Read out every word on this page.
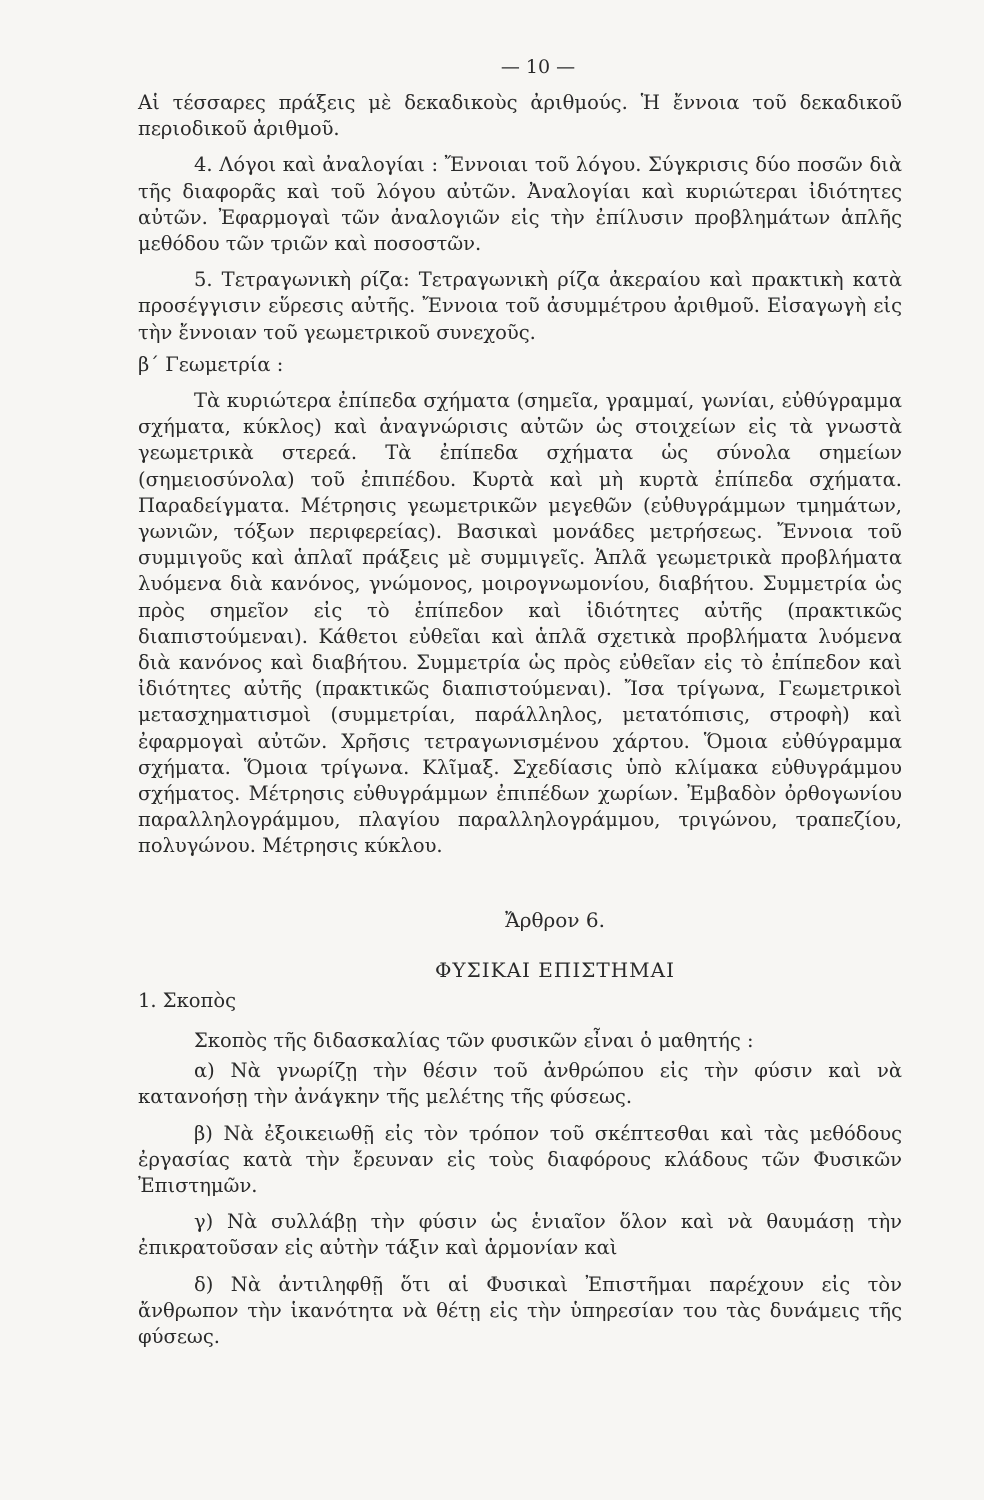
— 10 —

Αἱ τέσσαρες πράξεις μὲ δεκαδικοὺς ἀριθμούς. Ἡ ἔννοια τοῦ δεκαδικοῦ περιοδικοῦ ἀριθμοῦ.

4. Λόγοι καὶ ἀναλογίαι : Ἔννοιαι τοῦ λόγου. Σύγκρισις δύο ποσῶν διὰ τῆς διαφορᾶς καὶ τοῦ λόγου αὐτῶν. Ἀναλογίαι καὶ κυριώτεραι ἰδιότητες αὐτῶν. Ἐφαρμογαὶ τῶν ἀναλογιῶν εἰς τὴν ἐπίλυσιν προβλημάτων ἁπλῆς μεθόδου τῶν τριῶν καὶ ποσοστῶν.

5. Τετραγωνικὴ ρίζα: Τετραγωνικὴ ρίζα ἀκεραίου καὶ πρακτικὴ κατὰ προσέγγισιν εὕρεσις αὐτῆς. Ἔννοια τοῦ ἀσυμμέτρου ἀριθμοῦ. Εἰσαγωγὴ εἰς τὴν ἔννοιαν τοῦ γεωμετρικοῦ συνεχοῦς.

β΄ Γεωμετρία :

Τὰ κυριώτερα ἐπίπεδα σχήματα (σημεῖα, γραμμαί, γωνίαι, εὐθύγραμμα σχήματα, κύκλος) καὶ ἀναγνώρισις αὐτῶν ὡς στοιχείων εἰς τὰ γνωστὰ γεωμετρικὰ στερεά. Τὰ ἐπίπεδα σχήματα ὡς σύνολα σημείων (σημειοσύνολα) τοῦ ἐπιπέδου. Κυρτὰ καὶ μὴ κυρτὰ ἐπίπεδα σχήματα. Παραδείγματα. Μέτρησις γεωμετρικῶν μεγεθῶν (εὐθυγράμμων τμημάτων, γωνιῶν, τόξων περιφερείας). Βασικαὶ μονάδες μετρήσεως. Ἔννοια τοῦ συμμιγοῦς καὶ ἁπλαῖ πράξεις μὲ συμμιγεῖς. Ἁπλᾶ γεωμετρικὰ προβλήματα λυόμενα διὰ κανόνος, γνώμονος, μοιρογνωμονίου, διαβήτου. Συμμετρία ὡς πρὸς σημεῖον εἰς τὸ ἐπίπεδον καὶ ἰδιότητες αὐτῆς (πρακτικῶς διαπιστούμεναι). Κάθετοι εὐθεῖαι καὶ ἁπλᾶ σχετικὰ προβλήματα λυόμενα διὰ κανόνος καὶ διαβήτου. Συμμετρία ὡς πρὸς εὐθεῖαν εἰς τὸ ἐπίπεδον καὶ ἰδιότητες αὐτῆς (πρακτικῶς διαπιστούμεναι). Ἴσα τρίγωνα, Γεωμετρικοὶ μετασχηματισμοὶ (συμμετρίαι, παράλληλος, μετατόπισις, στροφὴ) καὶ ἐφαρμογαὶ αὐτῶν. Χρῆσις τετραγωνισμένου χάρτου. Ὅμοια εὐθύγραμμα σχήματα. Ὅμοια τρίγωνα. Κλῖμαξ. Σχεδίασις ὑπὸ κλίμακα εὐθυγράμμου σχήματος. Μέτρησις εὐθυγράμμων ἐπιπέδων χωρίων. Ἐμβαδὸν ὀρθογωνίου παραλληλογράμμου, πλαγίου παραλληλογράμμου, τριγώνου, τραπεζίου, πολυγώνου. Μέτρησις κύκλου.

Ἄρθρον 6.
ΦΥΣΙΚΑΙ ΕΠΙΣΤΗΜΑΙ

1. Σκοπὸς

Σκοπὸς τῆς διδασκαλίας τῶν φυσικῶν εἶναι ὁ μαθητής :

α) Νὰ γνωρίζῃ τὴν θέσιν τοῦ ἀνθρώπου εἰς τὴν φύσιν καὶ νὰ κατανοήσῃ τὴν ἀνάγκην τῆς μελέτης τῆς φύσεως.

β) Νὰ ἐξοικειωθῇ εἰς τὸν τρόπον τοῦ σκέπτεσθαι καὶ τὰς μεθόδους ἐργασίας κατὰ τὴν ἔρευναν εἰς τοὺς διαφόρους κλάδους τῶν Φυσικῶν Ἐπιστημῶν.

γ) Νὰ συλλάβῃ τὴν φύσιν ὡς ἑνιαῖον ὅλον καὶ νὰ θαυμάσῃ τὴν ἐπικρατοῦσαν εἰς αὐτὴν τάξιν καὶ ἁρμονίαν καὶ

δ) Νὰ ἀντιληφθῇ ὅτι αἱ Φυσικαὶ Ἐπιστῆμαι παρέχουν εἰς τὸν ἄνθρωπον τὴν ἱκανότητα νὰ θέτῃ εἰς τὴν ὑπηρεσίαν του τὰς δυνάμεις τῆς φύσεως.
